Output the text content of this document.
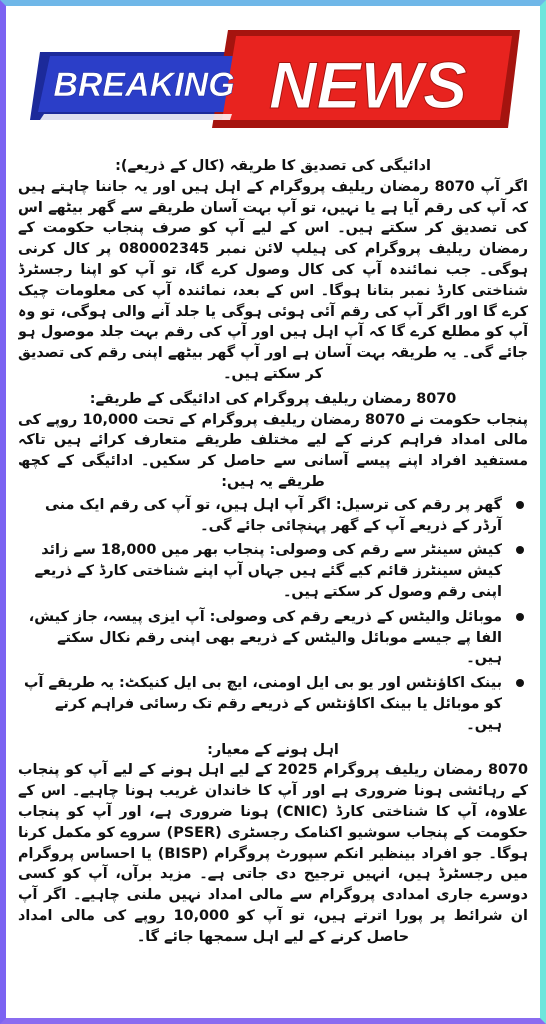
BREAKING NEWS

ادائیگی کی تصدیق کا طریقہ (کال کے ذریعے):

اگر آپ 8070 رمضان ریلیف پروگرام کے اہل ہیں اور یہ جاننا چاہتے ہیں کہ آپ کی رقم آیا ہے یا نہیں، تو آپ بہت آسان طریقے سے گھر بیٹھے اس کی تصدیق کر سکتے ہیں۔ اس کے لیے آپ کو صرف پنجاب حکومت کے رمضان ریلیف پروگرام کی ہیلپ لائن نمبر 080002345 پر کال کرنی ہوگی۔ جب نمائندہ آپ کی کال وصول کرے گا، تو آپ کو اپنا رجسٹرڈ شناختی کارڈ نمبر بتانا ہوگا۔ اس کے بعد، نمائندہ آپ کی معلومات چیک کرے گا اور اگر آپ کی رقم آئی ہوئی ہوگی یا جلد آنے والی ہوگی، تو وہ آپ کو مطلع کرے گا کہ آپ اہل ہیں اور آپ کی رقم بہت جلد موصول ہو جائے گی۔ یہ طریقہ بہت آسان ہے اور آپ گھر بیٹھے اپنی رقم کی تصدیق کر سکتے ہیں۔

8070 رمضان ریلیف پروگرام کی ادائیگی کے طریقے:

پنجاب حکومت نے 8070 رمضان ریلیف پروگرام کے تحت 10,000 روپے کی مالی امداد فراہم کرنے کے لیے مختلف طریقے متعارف کرائے ہیں تاکہ مستفید افراد اپنے پیسے آسانی سے حاصل کر سکیں۔ ادائیگی کے کچھ طریقے یہ ہیں:

گھر پر رقم کی ترسیل: اگر آپ اہل ہیں، تو آپ کی رقم ایک منی آرڈر کے ذریعے آپ کے گھر پہنچائی جائے گی۔
کیش سینٹر سے رقم کی وصولی: پنجاب بھر میں 18,000 سے زائد کیش سینٹرز قائم کیے گئے ہیں جہاں آپ اپنے شناختی کارڈ کے ذریعے اپنی رقم وصول کر سکتے ہیں۔
موبائل والیٹس کے ذریعے رقم کی وصولی: آپ ایزی پیسہ، جاز کیش، الفا پے جیسے موبائل والیٹس کے ذریعے بھی اپنی رقم نکال سکتے ہیں۔
بینک اکاؤنٹس اور یو بی ایل اومنی، ایچ بی ایل کنیکٹ: یہ طریقے آپ کو موبائل یا بینک اکاؤنٹس کے ذریعے رقم تک رسائی فراہم کرتے ہیں۔

اہل ہونے کے معیار:

8070 رمضان ریلیف پروگرام 2025 کے لیے اہل ہونے کے لیے آپ کو پنجاب کے رہائشی ہونا ضروری ہے اور آپ کا خاندان غریب ہونا چاہیے۔ اس کے علاوہ، آپ کا شناختی کارڈ (CNIC) ہونا ضروری ہے، اور آپ کو پنجاب حکومت کے پنجاب سوشیو اکنامک رجسٹری (PSER) سروے کو مکمل کرنا ہوگا۔ جو افراد بینظیر انکم سپورٹ پروگرام (BISP) یا احساس پروگرام میں رجسٹرڈ ہیں، انہیں ترجیح دی جاتی ہے۔ مزید برآں، آپ کو کسی دوسرے جاری امدادی پروگرام سے مالی امداد نہیں ملنی چاہیے۔ اگر آپ ان شرائط پر پورا اترتے ہیں، تو آپ کو 10,000 روپے کی مالی امداد حاصل کرنے کے لیے اہل سمجھا جائے گا۔
